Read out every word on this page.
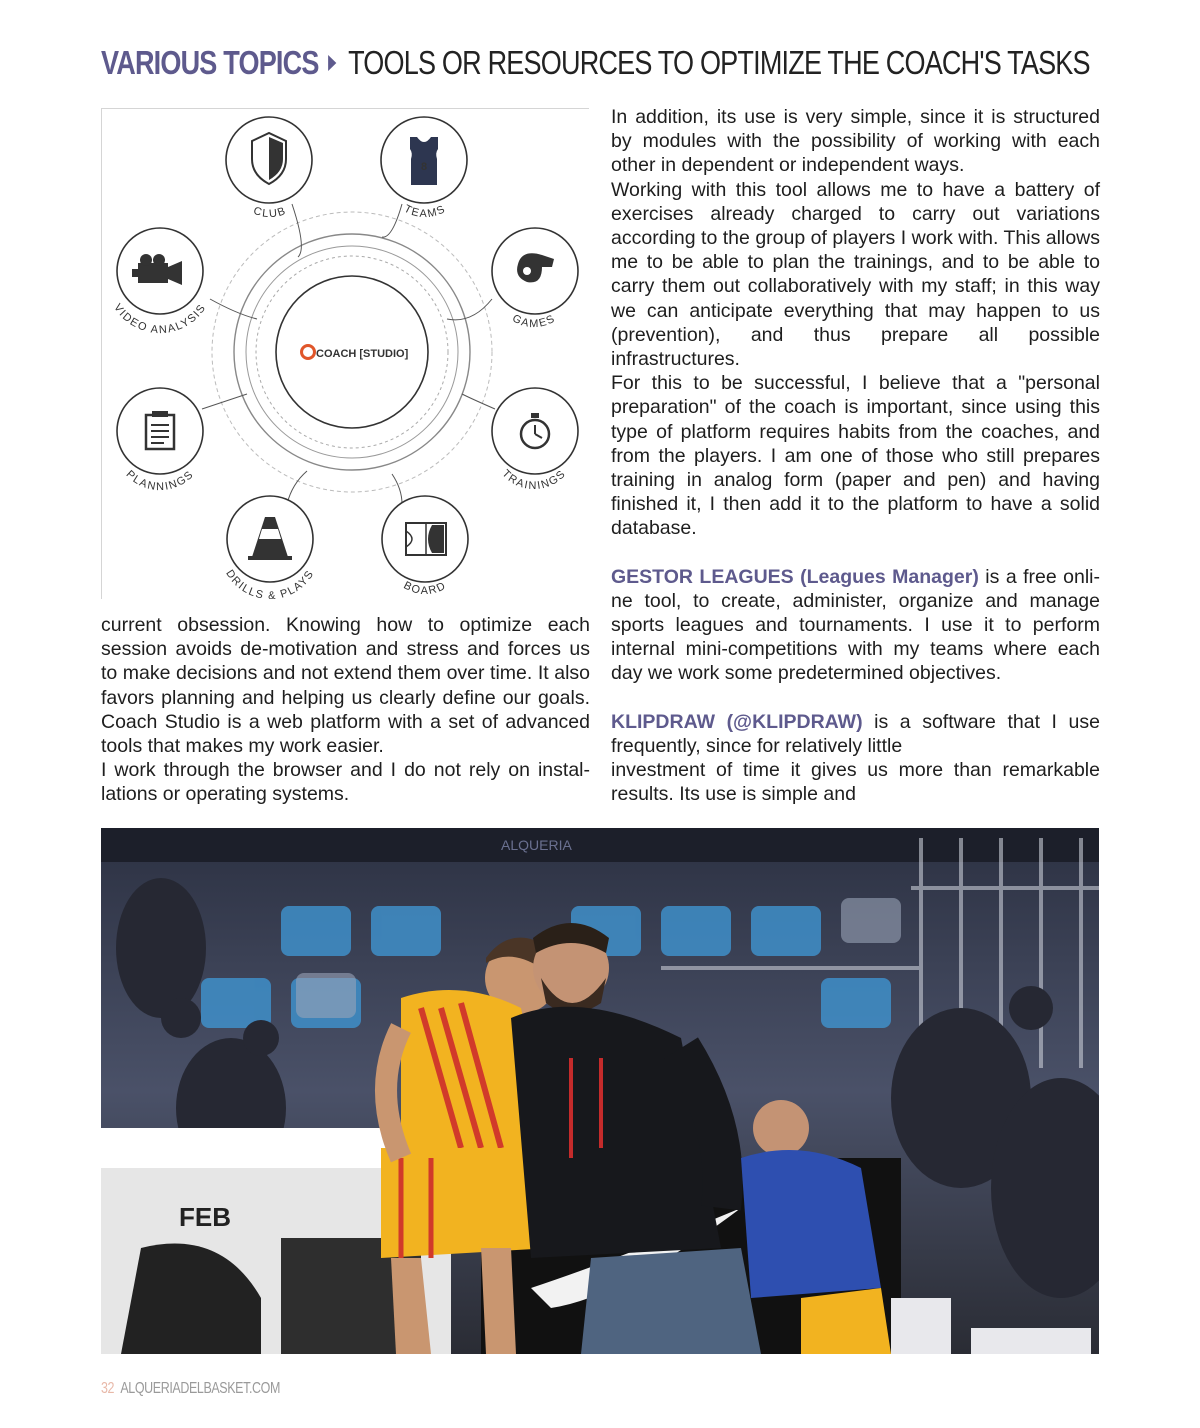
VARIOUS TOPICS TOOLS OR RESOURCES TO OPTIMIZE THE COACH'S TASKS
COACH [STUDIO]
CLUB
8
TEAMS
GAMES
TRAININGS
BOARD
DRILLS & PLAYS
PLANNINGS
VIDEO ANALYSIS

current obsession. Knowing how to optimize each session avoids de-motivation and stress and forces us to make decisions and not extend them over time. It also favors planning and helping us clearly define our goals. Coach Studio is a web platform with a set of advanced tools that makes my work easier.

I work through the browser and I do not rely on installations or operating systems.

In addition, its use is very simple, since it is structured by modules with the possibility of working with each other in dependent or independent ways.

Working with this tool allows me to have a battery of exercises already charged to carry out variations according to the group of players I work with. This allows me to be able to plan the trainings, and to be able to carry them out collaboratively with my staff; in this way we can anticipate everything that may happen to us (prevention), and thus prepare all possible infrastructures.

For this to be successful, I believe that a "personal preparation" of the coach is important, since using this type of platform requires habits from the coaches, and from the players. I am one of those who still prepares training in analog form (paper and pen) and having finished it, I then add it to the platform to have a solid database.

GESTOR LEAGUES (Leagues Manager) is a free online tool, to create, administer, organize and manage sports leagues and tournaments. I use it to perform internal mini-competitions with my teams where each day we work some predetermined objectives.

KLIPDRAW (@KLIPDRAW) is a software that I use frequently, since for relatively little

investment of time it gives us more than remarkable results. Its use is simple and

ALQUERIA
FEB
32 ALQUERIADELBASKET.COM
